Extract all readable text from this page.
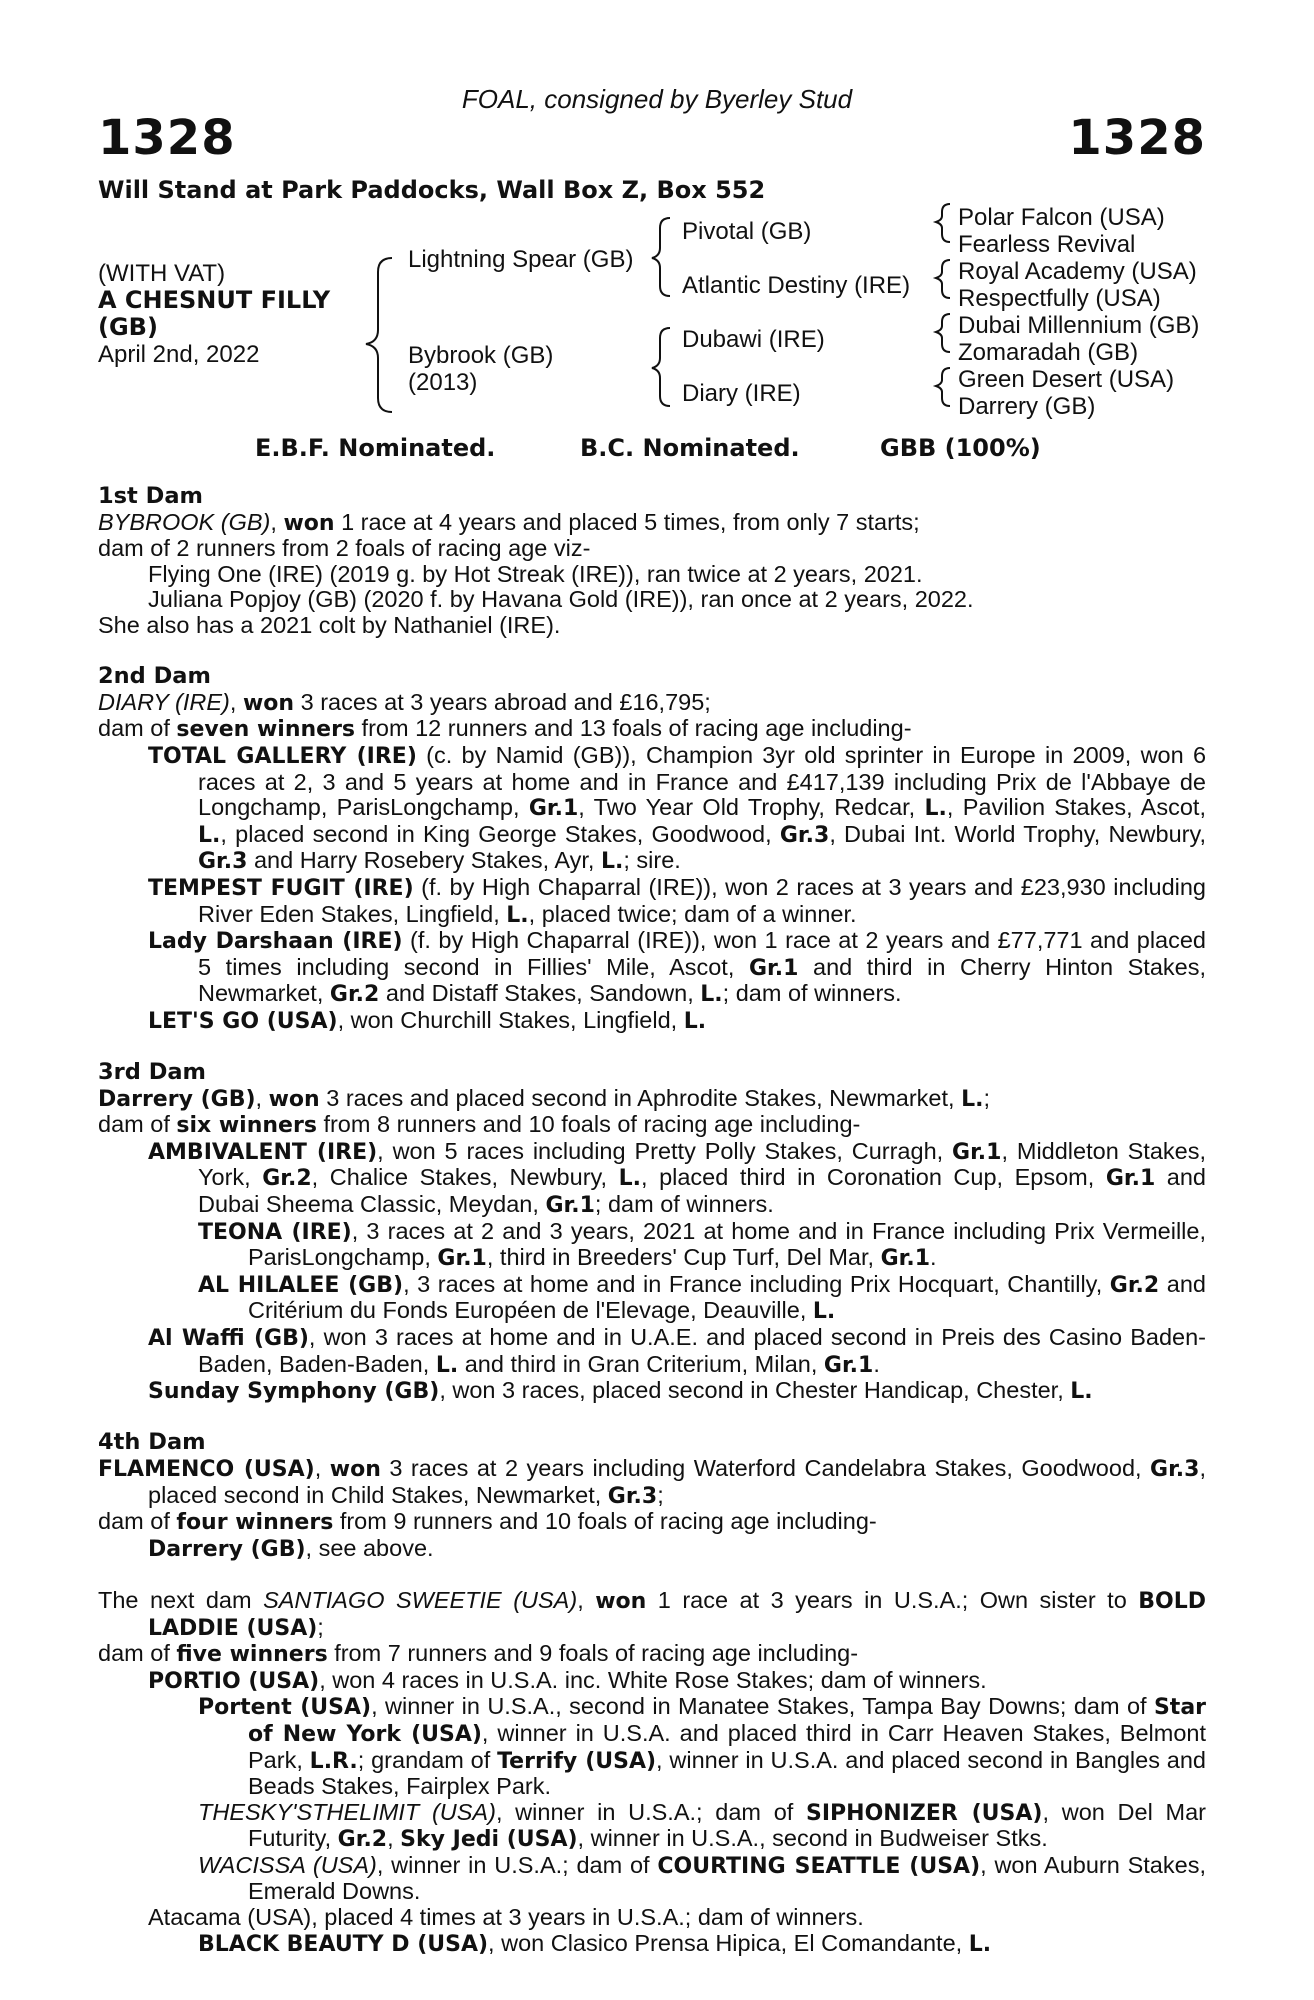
FOAL, consigned by Byerley Stud
1328	1328
Will Stand at Park Paddocks, Wall Box Z, Box 552
(WITH VAT)
A CHESNUT FILLY
(GB)
April 2nd, 2022
Lightning Spear (GB)
Bybrook (GB)
(2013)
Pivotal (GB)
Atlantic Destiny (IRE)
Dubawi (IRE)
Diary (IRE)
Polar Falcon (USA)
Fearless Revival
Royal Academy (USA)
Respectfully (USA)
Dubai Millennium (GB)
Zomaradah (GB)
Green Desert (USA)
Darrery (GB)
E.B.F. Nominated.	B.C. Nominated.	GBB (100%)
1st Dam
BYBROOK (GB), won 1 race at 4 years and placed 5 times, from only 7 starts;
dam of 2 runners from 2 foals of racing age viz-
Flying One (IRE) (2019 g. by Hot Streak (IRE)), ran twice at 2 years, 2021.
Juliana Popjoy (GB) (2020 f. by Havana Gold (IRE)), ran once at 2 years, 2022.
She also has a 2021 colt by Nathaniel (IRE).
2nd Dam
DIARY (IRE), won 3 races at 3 years abroad and £16,795;
dam of seven winners from 12 runners and 13 foals of racing age including-
TOTAL GALLERY (IRE) (c. by Namid (GB)), Champion 3yr old sprinter in Europe in 2009, won 6 races at 2, 3 and 5 years at home and in France and £417,139 including Prix de l'Abbaye de Longchamp, ParisLongchamp, Gr.1, Two Year Old Trophy, Redcar, L., Pavilion Stakes, Ascot, L., placed second in King George Stakes, Goodwood, Gr.3, Dubai Int. World Trophy, Newbury, Gr.3 and Harry Rosebery Stakes, Ayr, L.; sire.
TEMPEST FUGIT (IRE) (f. by High Chaparral (IRE)), won 2 races at 3 years and £23,930 including River Eden Stakes, Lingfield, L., placed twice; dam of a winner.
Lady Darshaan (IRE) (f. by High Chaparral (IRE)), won 1 race at 2 years and £77,771 and placed 5 times including second in Fillies' Mile, Ascot, Gr.1 and third in Cherry Hinton Stakes, Newmarket, Gr.2 and Distaff Stakes, Sandown, L.; dam of winners.
LET'S GO (USA), won Churchill Stakes, Lingfield, L.
3rd Dam
Darrery (GB), won 3 races and placed second in Aphrodite Stakes, Newmarket, L.;
dam of six winners from 8 runners and 10 foals of racing age including-
AMBIVALENT (IRE), won 5 races including Pretty Polly Stakes, Curragh, Gr.1, Middleton Stakes, York, Gr.2, Chalice Stakes, Newbury, L., placed third in Coronation Cup, Epsom, Gr.1 and Dubai Sheema Classic, Meydan, Gr.1; dam of winners.
TEONA (IRE), 3 races at 2 and 3 years, 2021 at home and in France including Prix Vermeille, ParisLongchamp, Gr.1, third in Breeders' Cup Turf, Del Mar, Gr.1.
AL HILALEE (GB), 3 races at home and in France including Prix Hocquart, Chantilly, Gr.2 and Critérium du Fonds Européen de l'Elevage, Deauville, L.
Al Waffi (GB), won 3 races at home and in U.A.E. and placed second in Preis des Casino Baden-Baden, Baden-Baden, L. and third in Gran Criterium, Milan, Gr.1.
Sunday Symphony (GB), won 3 races, placed second in Chester Handicap, Chester, L.
4th Dam
FLAMENCO (USA), won 3 races at 2 years including Waterford Candelabra Stakes, Goodwood, Gr.3, placed second in Child Stakes, Newmarket, Gr.3;
dam of four winners from 9 runners and 10 foals of racing age including-
Darrery (GB), see above.
The next dam SANTIAGO SWEETIE (USA), won 1 race at 3 years in U.S.A.; Own sister to BOLD LADDIE (USA);
dam of five winners from 7 runners and 9 foals of racing age including-
PORTIO (USA), won 4 races in U.S.A. inc. White Rose Stakes; dam of winners.
Portent (USA), winner in U.S.A., second in Manatee Stakes, Tampa Bay Downs; dam of Star of New York (USA), winner in U.S.A. and placed third in Carr Heaven Stakes, Belmont Park, L.R.; grandam of Terrify (USA), winner in U.S.A. and placed second in Bangles and Beads Stakes, Fairplex Park.
THESKY'STHELIMIT (USA), winner in U.S.A.; dam of SIPHONIZER (USA), won Del Mar Futurity, Gr.2, Sky Jedi (USA), winner in U.S.A., second in Budweiser Stks.
WACISSA (USA), winner in U.S.A.; dam of COURTING SEATTLE (USA), won Auburn Stakes, Emerald Downs.
Atacama (USA), placed 4 times at 3 years in U.S.A.; dam of winners.
BLACK BEAUTY D (USA), won Clasico Prensa Hipica, El Comandante, L.
